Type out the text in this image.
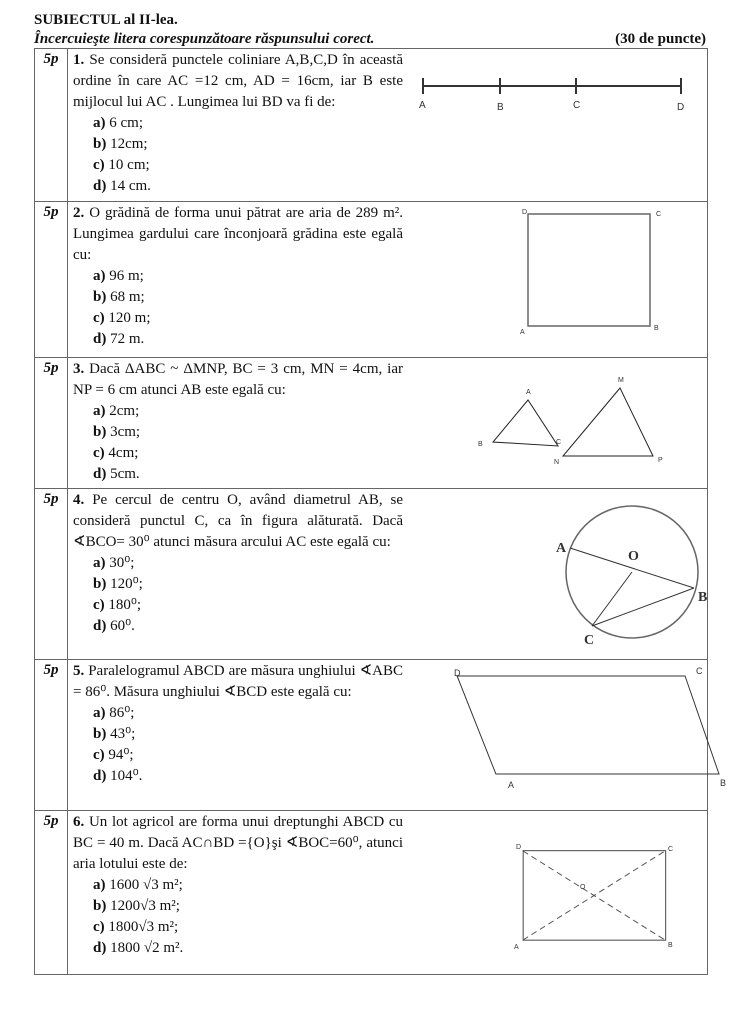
SUBIECTUL al II-lea.
Încercuieşte litera corespunzătoare răspunsului corect.	(30 de puncte)
5p 1. Se consideră punctele coliniare A,B,C,D în această ordine în care AC =12 cm, AD = 16cm, iar B este mijlocul lui AC . Lungimea lui BD va fi de:
a) 6 cm;
b) 12cm;
c) 10 cm;
d) 14 cm.
A	B	C	D
5p 2. O grădină de forma unui pătrat are aria de 289 m². Lungimea gardului care înconjoară grădina este egală cu:
a) 96 m;
b) 68 m;
c) 120 m;
d) 72 m.
D	C
A
B
5p 3. Dacă ΔABC ~ ΔMNP, BC = 3 cm, MN = 4cm, iar NP = 6 cm atunci AB este egală cu:
a) 2cm;
b) 3cm;
c) 4cm;
d) 5cm.
A
B	C
M
N	P
5p 4. Pe cercul de centru O, având diametrul AB, se consideră punctul C, ca în figura alăturată. Dacă ∢BCO= 30⁰ atunci măsura arcului AC este egală cu:
a) 30⁰;
b) 120⁰;
c) 180⁰;
d) 60⁰.
A
O
B
C
5p 5. Paralelogramul ABCD are măsura unghiului ∢ABC = 86⁰. Măsura unghiului ∢BCD este egală cu:
a) 86⁰;
b) 43⁰;
c) 94⁰;
d) 104⁰.
D	C
A	B
5p 6. Un lot agricol are forma unui dreptunghi ABCD cu BC = 40 m. Dacă AC∩BD ={O}şi ∢BOC=60⁰, atunci aria lotului este de:
a) 1600 √3 m²;
b) 1200√3 m²;
c) 1800√3 m²;
d) 1800 √2 m².
D	C
O
A	B
